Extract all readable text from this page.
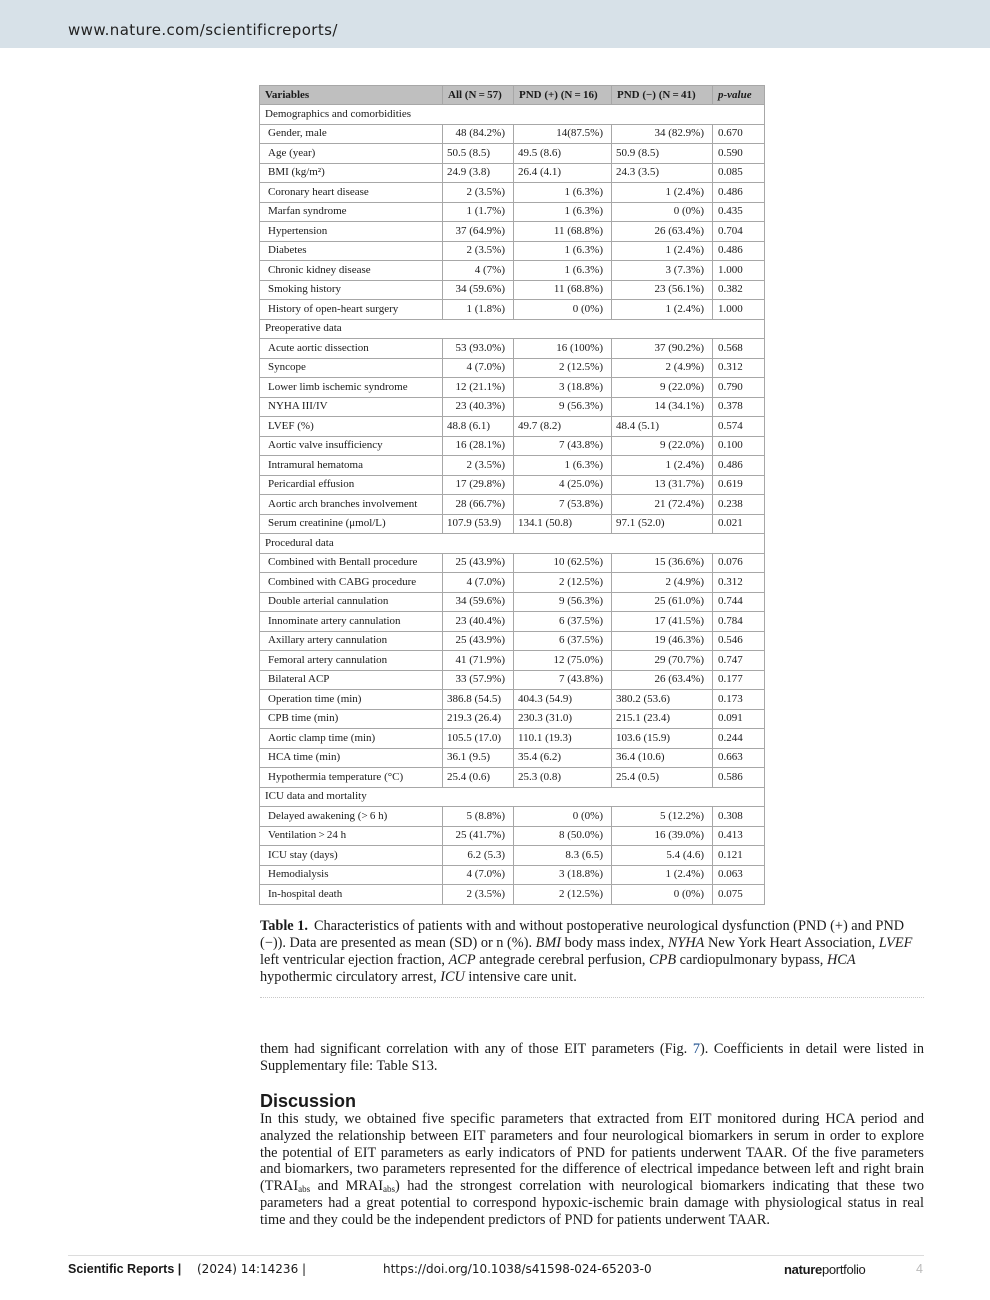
www.nature.com/scientificreports/
Variables	All (N = 57)	PND (+) (N = 16)	PND (−) (N = 41)	p-value
Demographics and comorbidities				
Gender, male	48 (84.2%)	14(87.5%)	34 (82.9%)	0.670
Age (year)	50.5 (8.5)	49.5 (8.6)	50.9 (8.5)	0.590
BMI (kg/m²)	24.9 (3.8)	26.4 (4.1)	24.3 (3.5)	0.085
Coronary heart disease	2 (3.5%)	1 (6.3%)	1 (2.4%)	0.486
Marfan syndrome	1 (1.7%)	1 (6.3%)	0 (0%)	0.435
Hypertension	37 (64.9%)	11 (68.8%)	26 (63.4%)	0.704
Diabetes	2 (3.5%)	1 (6.3%)	1 (2.4%)	0.486
Chronic kidney disease	4 (7%)	1 (6.3%)	3 (7.3%)	1.000
Smoking history	34 (59.6%)	11 (68.8%)	23 (56.1%)	0.382
History of open-heart surgery	1 (1.8%)	0 (0%)	1 (2.4%)	1.000
Preoperative data				
Acute aortic dissection	53 (93.0%)	16 (100%)	37 (90.2%)	0.568
Syncope	4 (7.0%)	2 (12.5%)	2 (4.9%)	0.312
Lower limb ischemic syndrome	12 (21.1%)	3 (18.8%)	9 (22.0%)	0.790
NYHA III/IV	23 (40.3%)	9 (56.3%)	14 (34.1%)	0.378
LVEF (%)	48.8 (6.1)	49.7 (8.2)	48.4 (5.1)	0.574
Aortic valve insufficiency	16 (28.1%)	7 (43.8%)	9 (22.0%)	0.100
Intramural hematoma	2 (3.5%)	1 (6.3%)	1 (2.4%)	0.486
Pericardial effusion	17 (29.8%)	4 (25.0%)	13 (31.7%)	0.619
Aortic arch branches involvement	28 (66.7%)	7 (53.8%)	21 (72.4%)	0.238
Serum creatinine (μmol/L)	107.9 (53.9)	134.1 (50.8)	97.1 (52.0)	0.021
Procedural data				
Combined with Bentall procedure	25 (43.9%)	10 (62.5%)	15 (36.6%)	0.076
Combined with CABG procedure	4 (7.0%)	2 (12.5%)	2 (4.9%)	0.312
Double arterial cannulation	34 (59.6%)	9 (56.3%)	25 (61.0%)	0.744
Innominate artery cannulation	23 (40.4%)	6 (37.5%)	17 (41.5%)	0.784
Axillary artery cannulation	25 (43.9%)	6 (37.5%)	19 (46.3%)	0.546
Femoral artery cannulation	41 (71.9%)	12 (75.0%)	29 (70.7%)	0.747
Bilateral ACP	33 (57.9%)	7 (43.8%)	26 (63.4%)	0.177
Operation time (min)	386.8 (54.5)	404.3 (54.9)	380.2 (53.6)	0.173
CPB time (min)	219.3 (26.4)	230.3 (31.0)	215.1 (23.4)	0.091
Aortic clamp time (min)	105.5 (17.0)	110.1 (19.3)	103.6 (15.9)	0.244
HCA time (min)	36.1 (9.5)	35.4 (6.2)	36.4 (10.6)	0.663
Hypothermia temperature (°C)	25.4 (0.6)	25.3 (0.8)	25.4 (0.5)	0.586
ICU data and mortality				
Delayed awakening (> 6 h)	5 (8.8%)	0 (0%)	5 (12.2%)	0.308
Ventilation > 24 h	25 (41.7%)	8 (50.0%)	16 (39.0%)	0.413
ICU stay (days)	6.2 (5.3)	8.3 (6.5)	5.4 (4.6)	0.121
Hemodialysis	4 (7.0%)	3 (18.8%)	1 (2.4%)	0.063
In-hospital death	2 (3.5%)	2 (12.5%)	0 (0%)	0.075
Table 1. Characteristics of patients with and without postoperative neurological dysfunction (PND (+) and PND (−)). Data are presented as mean (SD) or n (%). BMI body mass index, NYHA New York Heart Association, LVEF left ventricular ejection fraction, ACP antegrade cerebral perfusion, CPB cardiopulmonary bypass, HCA hypothermic circulatory arrest, ICU intensive care unit.
them had significant correlation with any of those EIT parameters (Fig. 7). Coefficients in detail were listed in Supplementary file: Table S13.
Discussion
In this study, we obtained five specific parameters that extracted from EIT monitored during HCA period and analyzed the relationship between EIT parameters and four neurological biomarkers in serum in order to explore the potential of EIT parameters as early indicators of PND for patients underwent TAAR. Of the five parameters and biomarkers, two parameters represented for the difference of electrical impedance between left and right brain ($TRAI_{abs}$ and $MRAI_{abs}$) had the strongest correlation with neurological biomarkers indicating that these two parameters had a great potential to correspond hypoxic-ischemic brain damage with physiological status in real time and they could be the independent predictors of PND for patients underwent TAAR.
Scientific Reports | (2024) 14:14236 |	https://doi.org/10.1038/s41598-024-65203-0	natureportfolio	4
